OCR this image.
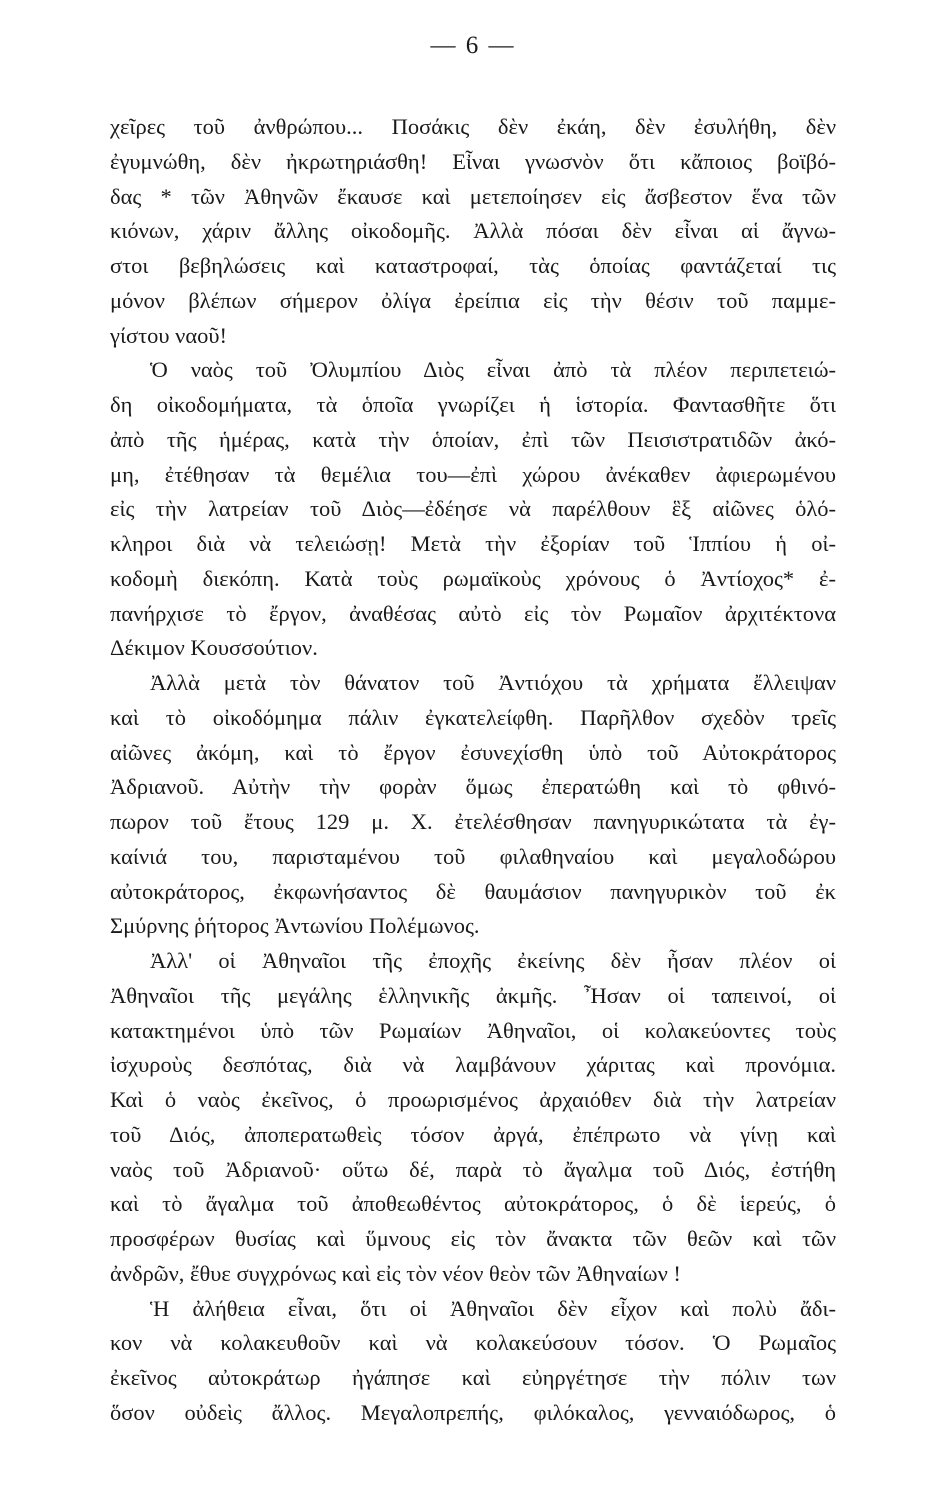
— 6 —
χεῖρες τοῦ ἀνθρώπου... Ποσάκις δὲν ἐκάη, δὲν ἐσυλήθη, δὲν
ἐγυμνώθη, δὲν ἠκρωτηριάσθη! Εἶναι γνωσνὸν ὅτι κἄποιος βοϊβό-
δας * τῶν Ἀθηνῶν ἔκαυσε καὶ μετεποίησεν εἰς ἄσβεστον ἕνα τῶν
κιόνων, χάριν ἄλλης οἰκοδομῆς. Ἀλλὰ πόσαι δὲν εἶναι αἱ ἄγνω-
στοι βεβηλώσεις καὶ καταστροφαί, τὰς ὁποίας φαντάζεταί τις
μόνον βλέπων σήμερον ὀλίγα ἐρείπια εἰς τὴν θέσιν τοῦ παμμε-
γίστου ναοῦ!
Ὁ ναὸς τοῦ Ὀλυμπίου Διὸς εἶναι ἀπὸ τὰ πλέον περιπετειώ-
δη οἰκοδομήματα, τὰ ὁποῖα γνωρίζει ἡ ἱστορία. Φαντασθῆτε ὅτι
ἀπὸ τῆς ἡμέρας, κατὰ τὴν ὁποίαν, ἐπὶ τῶν Πεισιστρατιδῶν ἀκό-
μη, ἐτέθησαν τὰ θεμέλια του—ἐπὶ χώρου ἀνέκαθεν ἀφιερωμένου
εἰς τὴν λατρείαν τοῦ Διὸς—ἐδέησε νὰ παρέλθουν ἓξ αἰῶνες ὁλό-
κληροι διὰ νὰ τελειώσῃ! Μετὰ τὴν ἐξορίαν τοῦ Ἱππίου ἡ οἰ-
κοδομὴ διεκόπη. Κατὰ τοὺς ρωμαϊκοὺς χρόνους ὁ Ἀντίοχος* ἐ-
πανήρχισε τὸ ἔργον, ἀναθέσας αὐτὸ εἰς τὸν Ρωμαῖον ἀρχιτέκτονα
Δέκιμον Κουσσούτιον.
Ἀλλὰ μετὰ τὸν θάνατον τοῦ Ἀντιόχου τὰ χρήματα ἔλλειψαν
καὶ τὸ οἰκοδόμημα πάλιν ἐγκατελείφθη. Παρῆλθον σχεδὸν τρεῖς
αἰῶνες ἀκόμη, καὶ τὸ ἔργον ἐσυνεχίσθη ὑπὸ τοῦ Αὐτοκράτορος
Ἀδριανοῦ. Αὐτὴν τὴν φορὰν ὅμως ἐπερατώθη καὶ τὸ φθινό-
πωρον τοῦ ἔτους 129 μ. Χ. ἐτελέσθησαν πανηγυρικώτατα τὰ ἐγ-
καίνιά του, παρισταμένου τοῦ φιλαθηναίου καὶ μεγαλοδώρου
αὐτοκράτορος, ἐκφωνήσαντος δὲ θαυμάσιον πανηγυρικὸν τοῦ ἐκ
Σμύρνης ῥήτορος Ἀντωνίου Πολέμωνος.
Ἀλλ' οἱ Ἀθηναῖοι τῆς ἐποχῆς ἐκείνης δὲν ἦσαν πλέον οἱ
Ἀθηναῖοι τῆς μεγάλης ἑλληνικῆς ἀκμῆς. Ἦσαν οἱ ταπεινοί, οἱ
κατακτημένοι ὑπὸ τῶν Ρωμαίων Ἀθηναῖοι, οἱ κολακεύοντες τοὺς
ἰσχυροὺς δεσπότας, διὰ νὰ λαμβάνουν χάριτας καὶ προνόμια.
Καὶ ὁ ναὸς ἐκεῖνος, ὁ προωρισμένος ἀρχαιόθεν διὰ τὴν λατρείαν
τοῦ Διός, ἀποπερατωθεὶς τόσον ἀργά, ἐπέπρωτο νὰ γίνῃ καὶ
ναὸς τοῦ Ἀδριανοῦ· οὕτω δέ, παρὰ τὸ ἄγαλμα τοῦ Διός, ἐστήθη
καὶ τὸ ἄγαλμα τοῦ ἀποθεωθέντος αὐτοκράτορος, ὁ δὲ ἱερεύς, ὁ
προσφέρων θυσίας καὶ ὕμνους εἰς τὸν ἄνακτα τῶν θεῶν καὶ τῶν
ἀνδρῶν, ἔθυε συγχρόνως καὶ εἰς τὸν νέον θεὸν τῶν Ἀθηναίων !
Ἡ ἀλήθεια εἶναι, ὅτι οἱ Ἀθηναῖοι δὲν εἶχον καὶ πολὺ ἄδι-
κον νὰ κολακευθοῦν καὶ νὰ κολακεύσουν τόσον. Ὁ Ρωμαῖος
ἐκεῖνος αὐτοκράτωρ ἠγάπησε καὶ εὐηργέτησε τὴν πόλιν των
ὅσον οὐδεὶς ἄλλος. Μεγαλοπρεπής, φιλόκαλος, γενναιόδωρος, ὁ
